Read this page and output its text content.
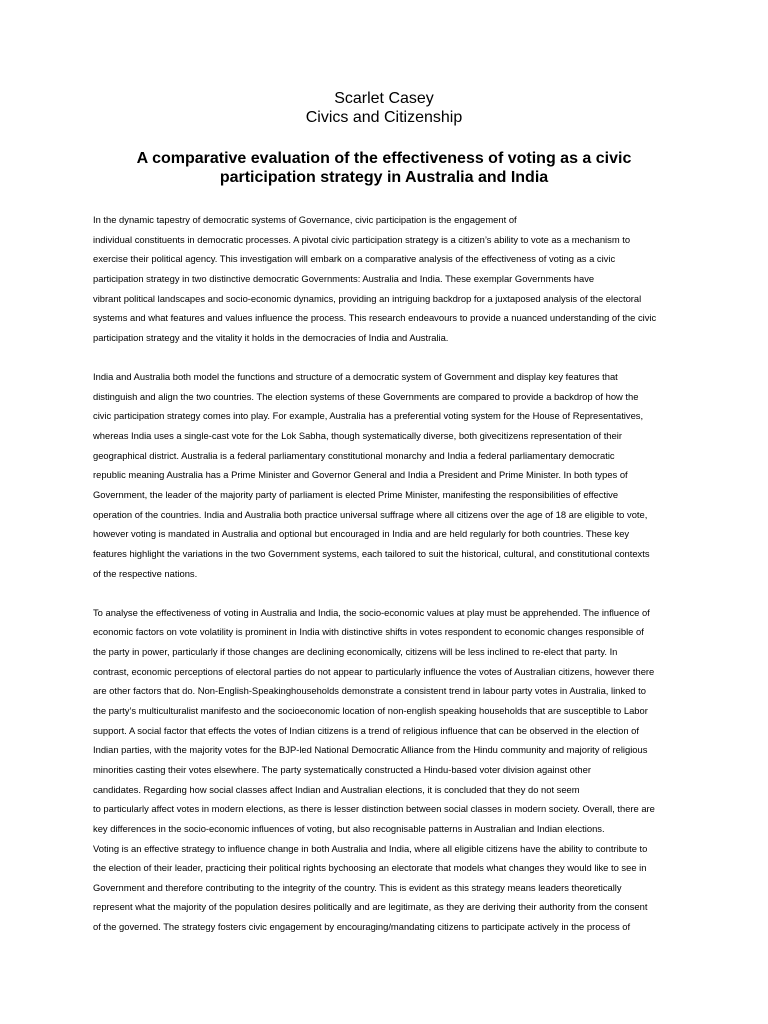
Scarlet Casey
Civics and Citizenship
A comparative evaluation of the effectiveness of voting as a civic
participation strategy in Australia and India
In the dynamic tapestry of democratic systems of Governance, civic participation is the engagement of
individual constituents in democratic processes. A pivotal civic participation strategy is a citizen’s ability to vote as a mechanism to
exercise their political agency. This investigation will embark on a comparative analysis of the effectiveness of voting as a civic
participation strategy in two distinctive democratic Governments: Australia and India. These exemplar Governments have
vibrant political landscapes and socio-economic dynamics, providing an intriguing backdrop for a juxtaposed analysis of the electoral
systems and what features and values influence the process. This research endeavours to provide a nuanced understanding of the civic
participation strategy and the vitality it holds in the democracies of India and Australia.
India and Australia both model the functions and structure of a democratic system of Government and display key features that
distinguish and align the two countries. The election systems of these Governments are compared to provide a backdrop of how the
civic participation strategy comes into play. For example, Australia has a preferential voting system for the House of Representatives,
whereas India uses a single-cast vote for the Lok Sabha, though systematically diverse, both givecitizens representation of their
geographical district. Australia is a federal parliamentary constitutional monarchy and India a federal parliamentary democratic
republic meaning Australia has a Prime Minister and Governor General and India a President and Prime Minister. In both types of
Government, the leader of the majority party of parliament is elected Prime Minister, manifesting the responsibilities of effective
operation of the countries. India and Australia both practice universal suffrage where all citizens over the age of 18 are eligible to vote,
however voting is mandated in Australia and optional but encouraged in India and are held regularly for both countries. These key
features highlight the variations in the two Government systems, each tailored to suit the historical, cultural, and constitutional contexts
of the respective nations.
To analyse the effectiveness of voting in Australia and India, the socio-economic values at play must be apprehended. The influence of
economic factors on vote volatility is prominent in India with distinctive shifts in votes respondent to economic changes responsible of
the party in power, particularly if those changes are declining economically, citizens will be less inclined to re-elect that party. In
contrast, economic perceptions of electoral parties do not appear to particularly influence the votes of Australian citizens, however there
are other factors that do. Non-English-Speakinghouseholds demonstrate a consistent trend in labour party votes in Australia, linked to
the party’s multiculturalist manifesto and the socioeconomic location of non-english speaking households that are susceptible to Labor
support. A social factor that effects the votes of Indian citizens is a trend of religious influence that can be observed in the election of
Indian parties, with the majority votes for the BJP-led National Democratic Alliance from the Hindu community and majority of religious
minorities casting their votes elsewhere. The party systematically constructed a Hindu-based voter division against other
candidates. Regarding how social classes affect Indian and Australian elections, it is concluded that they do not seem
to particularly affect votes in modern elections, as there is lesser distinction between social classes in modern society. Overall, there are
key differences in the socio-economic influences of voting, but also recognisable patterns in Australian and Indian elections.
Voting is an effective strategy to influence change in both Australia and India, where all eligible citizens have the ability to contribute to
the election of their leader, practicing their political rights bychoosing an electorate that models what changes they would like to see in
Government and therefore contributing to the integrity of the country. This is evident as this strategy means leaders theoretically
represent what the majority of the population desires politically and are legitimate, as they are deriving their authority from the consent
of the governed. The strategy fosters civic engagement by encouraging/mandating citizens to participate actively in the process of
